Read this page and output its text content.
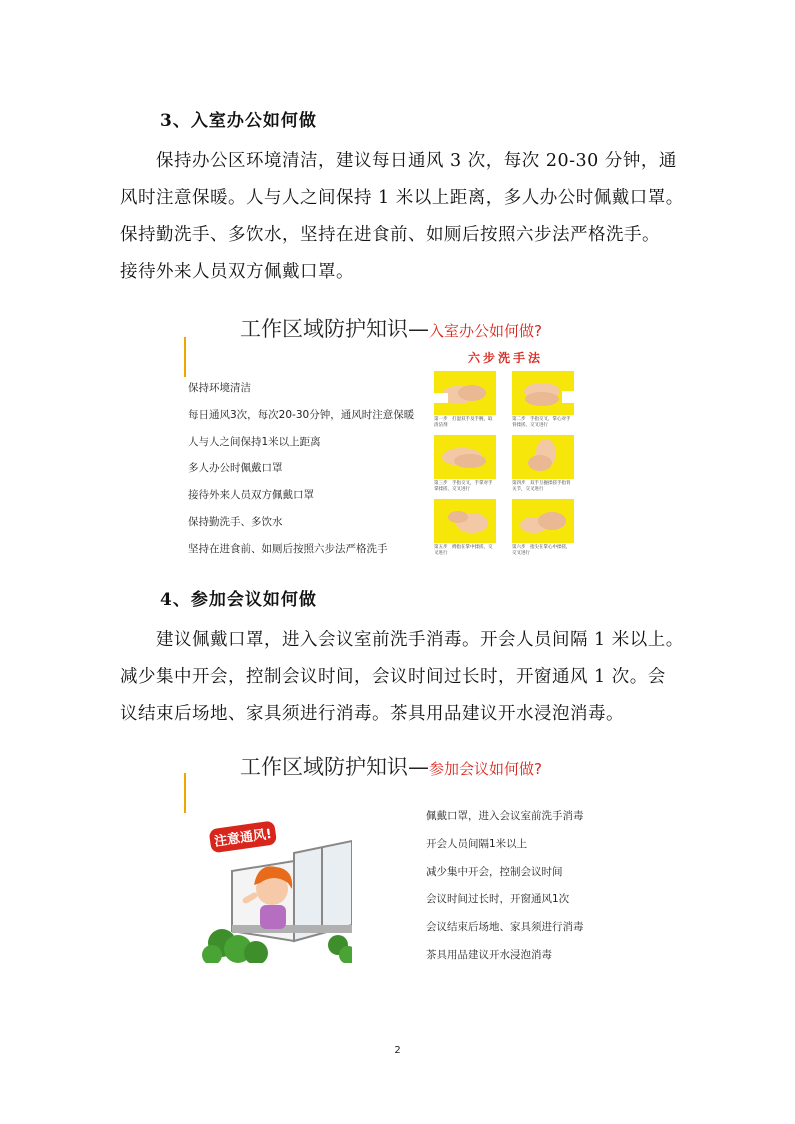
3、入室办公如何做
保持办公区环境清洁，建议每日通风 3 次，每次 20-30 分钟，通
风时注意保暖。人与人之间保持 1 米以上距离，多人办公时佩戴口罩。
保持勤洗手、多饮水，坚持在进食前、如厕后按照六步法严格洗手。
接待外来人员双方佩戴口罩。
工作区域防护知识—入室办公如何做?
保持环境清洁
每日通风3次，每次20-30分钟，通风时注意保暖
人与人之间保持1米以上距离
多人办公时佩戴口罩
接待外来人员双方佩戴口罩
保持勤洗手、多饮水
坚持在进食前、如厕后按照六步法严格洗手
六步洗手法
第一步　打湿双手及手腕，取清洁剂
第二步　手指交叉，掌心对手背揉搓，交叉进行
第三步　手指交叉，手掌对手掌揉搓，交叉进行
第四步　双手互握揉搓手指背关节，交叉进行
第五步　拇指在掌中揉搓，交叉进行
第六步　指尖在掌心中揉搓，交叉进行
4、参加会议如何做
建议佩戴口罩，进入会议室前洗手消毒。开会人员间隔 1 米以上。
减少集中开会，控制会议时间，会议时间过长时，开窗通风 1 次。会
议结束后场地、家具须进行消毒。茶具用品建议开水浸泡消毒。
工作区域防护知识—参加会议如何做?
注意通风!
佩戴口罩，进入会议室前洗手消毒
开会人员间隔1米以上
减少集中开会，控制会议时间
会议时间过长时，开窗通风1次
会议结束后场地、家具须进行消毒
茶具用品建议开水浸泡消毒
2
